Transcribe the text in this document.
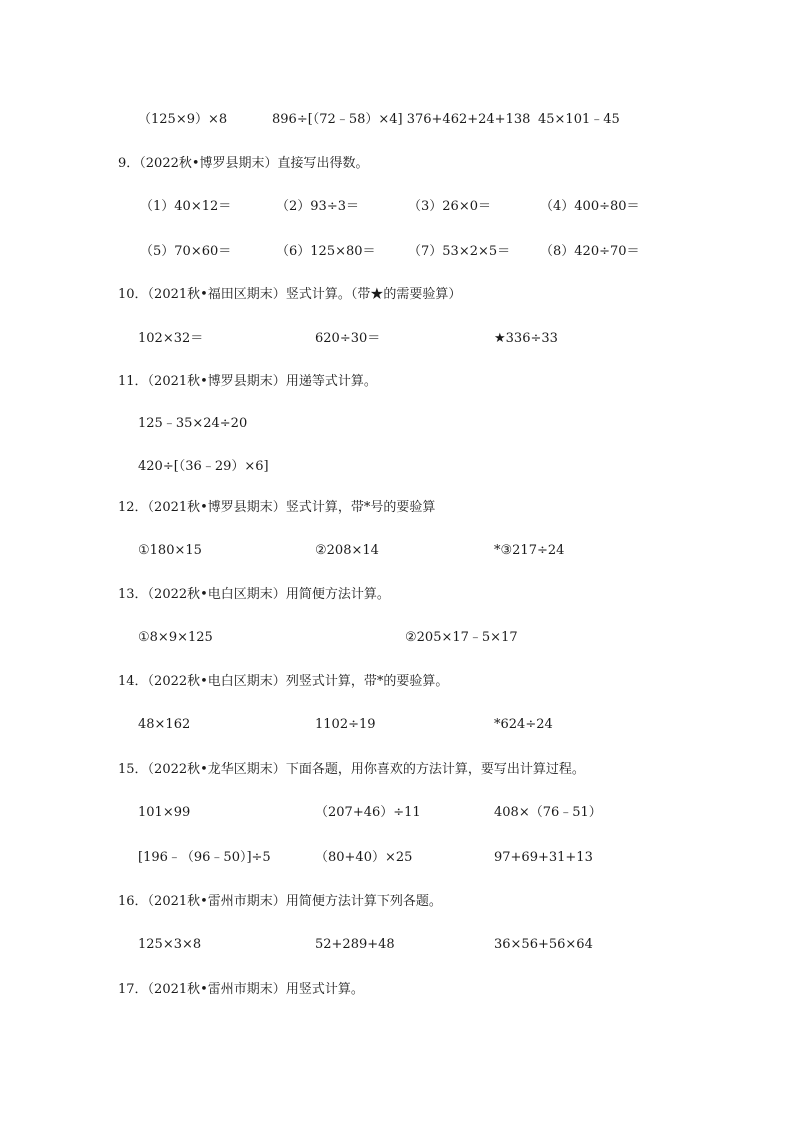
（125×9）×8	896÷[（72﹣58）×4] 376+462+24+138 45×101﹣45
9．（2022秋•博罗县期末）直接写出得数。
（1）40×12＝	（2）93÷3＝	（3）26×0＝	（4）400÷80＝
（5）70×60＝	（6）125×80＝ （7）53×2×5＝ （8）420÷70＝
10．（2021秋•福田区期末）竖式计算。（带★的需要验算）
102×32＝	620÷30＝	★336÷33
11．（2021秋•博罗县期末）用递等式计算。
125﹣35×24÷20
420÷[（36﹣29）×6]
12．（2021秋•博罗县期末）竖式计算，带*号的要验算
①180×15	②208×14	*③217÷24
13．（2022秋•电白区期末）用简便方法计算。
①8×9×125	②205×17﹣5×17
14．（2022秋•电白区期末）列竖式计算，带*的要验算。
48×162	1102÷19	*624÷24
15．（2022秋•龙华区期末）下面各题，用你喜欢的方法计算，要写出计算过程。
101×99	（207+46）÷11	408×（76﹣51）
[196﹣（96﹣50）]÷5	（80+40）×25	97+69+31+13
16．（2021秋•雷州市期末）用简便方法计算下列各题。
125×3×8	52+289+48	36×56+56×64
17．（2021秋•雷州市期末）用竖式计算。
